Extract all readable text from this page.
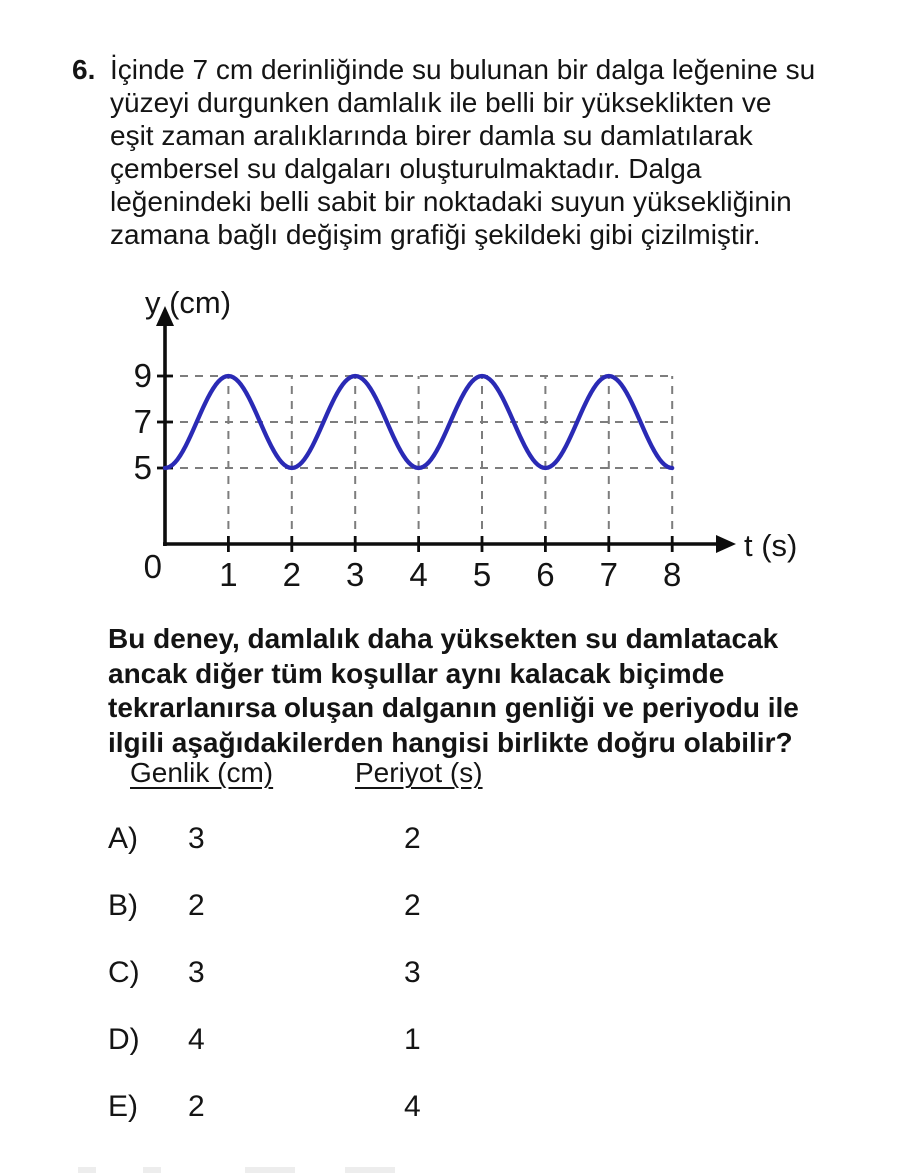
6. İçinde 7 cm derinliğinde su bulunan bir dalga leğenine su
yüzeyi durgunken damlalık ile belli bir yükseklikten ve
eşit zaman aralıklarında birer damla su damlatılarak
çembersel su dalgaları oluşturulmaktadır. Dalga
leğenindeki belli sabit bir noktadaki suyun yüksekliğinin
zamana bağlı değişim grafiği şekildeki gibi çizilmiştir.
9
7
5
1 2 3 4 5 6 7 8
0
y (cm)
t (s)
Bu deney, damlalık daha yüksekten su damlatacak
ancak diğer tüm koşullar aynı kalacak biçimde
tekrarlanırsa oluşan dalganın genliği ve periyodu ile
ilgili aşağıdakilerden hangisi birlikte doğru olabilir?
Genlik (cm)	Periyot (s)
A) 3	2
B) 2	2
C) 3	3
D) 4	1
E) 2	4
